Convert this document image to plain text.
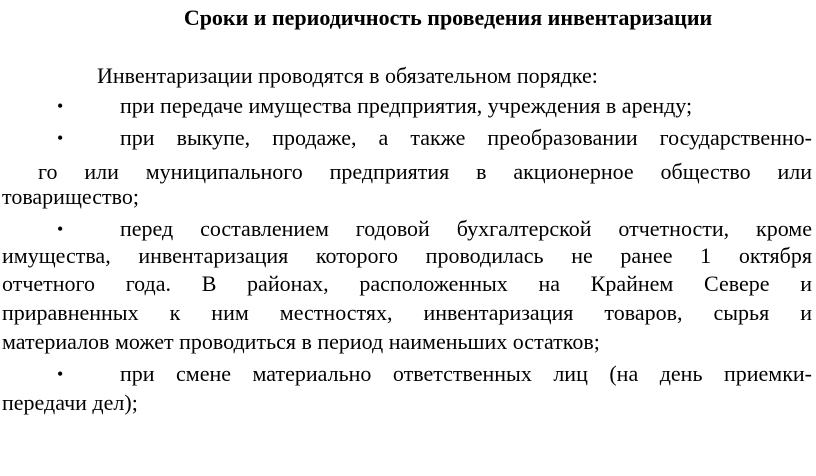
Сроки и периодичность проведения инвентаризации
Инвентаризации проводятся в обязательном порядке:
•	при передаче имущества предприятия, учреждения в аренду;
•	при выкупе, продаже, а также преобразовании государственно-
го или муниципального предприятия в акционерное общество или
товарищество;
•	перед составлением годовой бухгалтерской отчетности, кроме
имущества, инвентаризация которого проводилась не ранее 1 октября
отчетного года. В районах, расположенных на Крайнем Севере и
приравненных к ним местностях, инвентаризация товаров, сырья и
материалов может проводиться в период наименьших остатков;
•	при смене материально ответственных лиц (на день приемки-
передачи дел);
